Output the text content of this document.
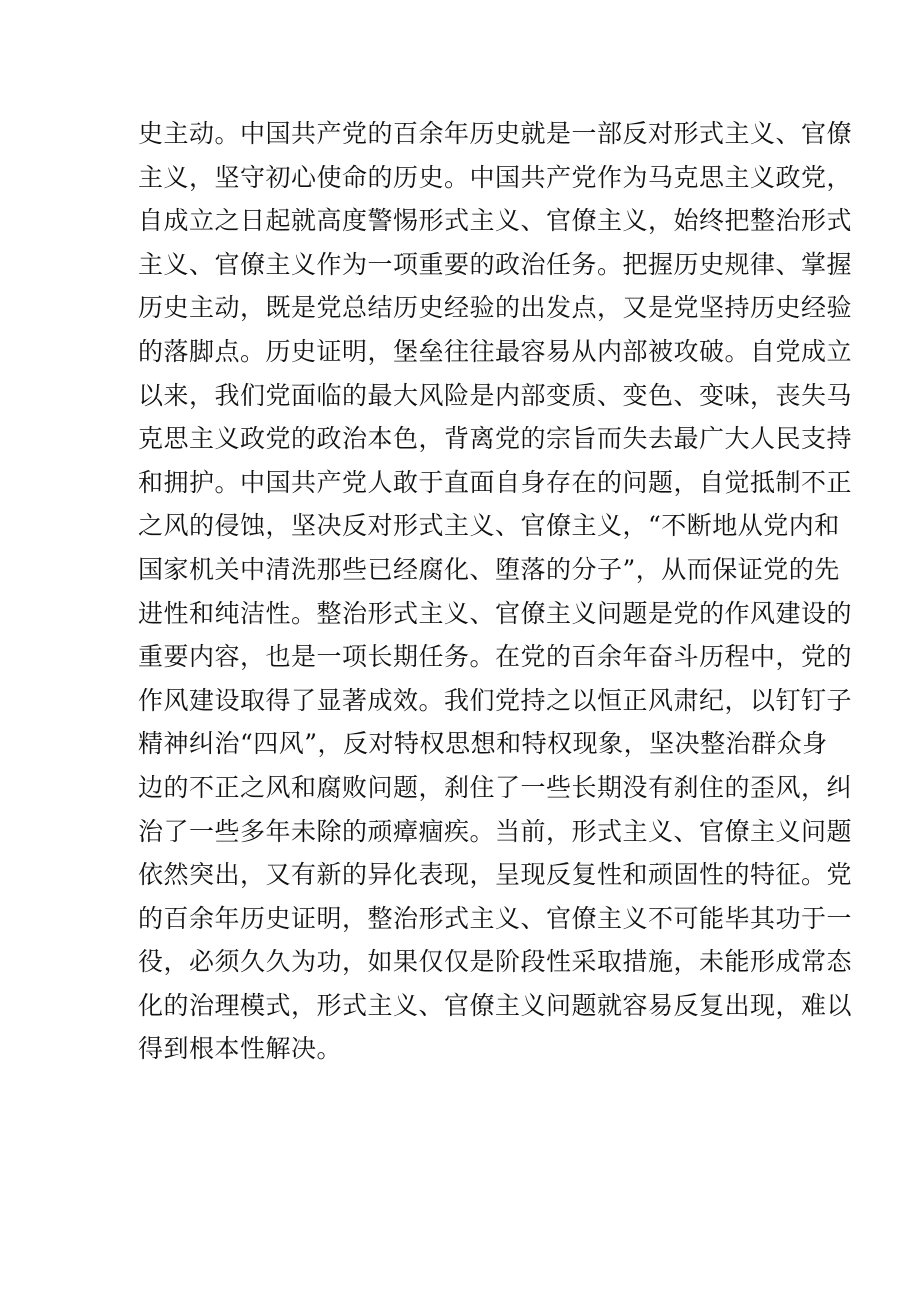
史主动。中国共产党的百余年历史就是一部反对形式主义、官僚
主义，坚守初心使命的历史。中国共产党作为马克思主义政党，
自成立之日起就高度警惕形式主义、官僚主义，始终把整治形式
主义、官僚主义作为一项重要的政治任务。把握历史规律、掌握
历史主动，既是党总结历史经验的出发点，又是党坚持历史经验
的落脚点。历史证明，堡垒往往最容易从内部被攻破。自党成立
以来，我们党面临的最大风险是内部变质、变色、变味，丧失马
克思主义政党的政治本色，背离党的宗旨而失去最广大人民支持
和拥护。中国共产党人敢于直面自身存在的问题，自觉抵制不正
之风的侵蚀，坚决反对形式主义、官僚主义，“不断地从党内和
国家机关中清洗那些已经腐化、堕落的分子”，从而保证党的先
进性和纯洁性。整治形式主义、官僚主义问题是党的作风建设的
重要内容，也是一项长期任务。在党的百余年奋斗历程中，党的
作风建设取得了显著成效。我们党持之以恒正风肃纪，以钉钉子
精神纠治“四风”，反对特权思想和特权现象，坚决整治群众身
边的不正之风和腐败问题，刹住了一些长期没有刹住的歪风，纠
治了一些多年未除的顽瘴痼疾。当前，形式主义、官僚主义问题
依然突出，又有新的异化表现，呈现反复性和顽固性的特征。党
的百余年历史证明，整治形式主义、官僚主义不可能毕其功于一
役，必须久久为功，如果仅仅是阶段性采取措施，未能形成常态
化的治理模式，形式主义、官僚主义问题就容易反复出现，难以
得到根本性解决。
